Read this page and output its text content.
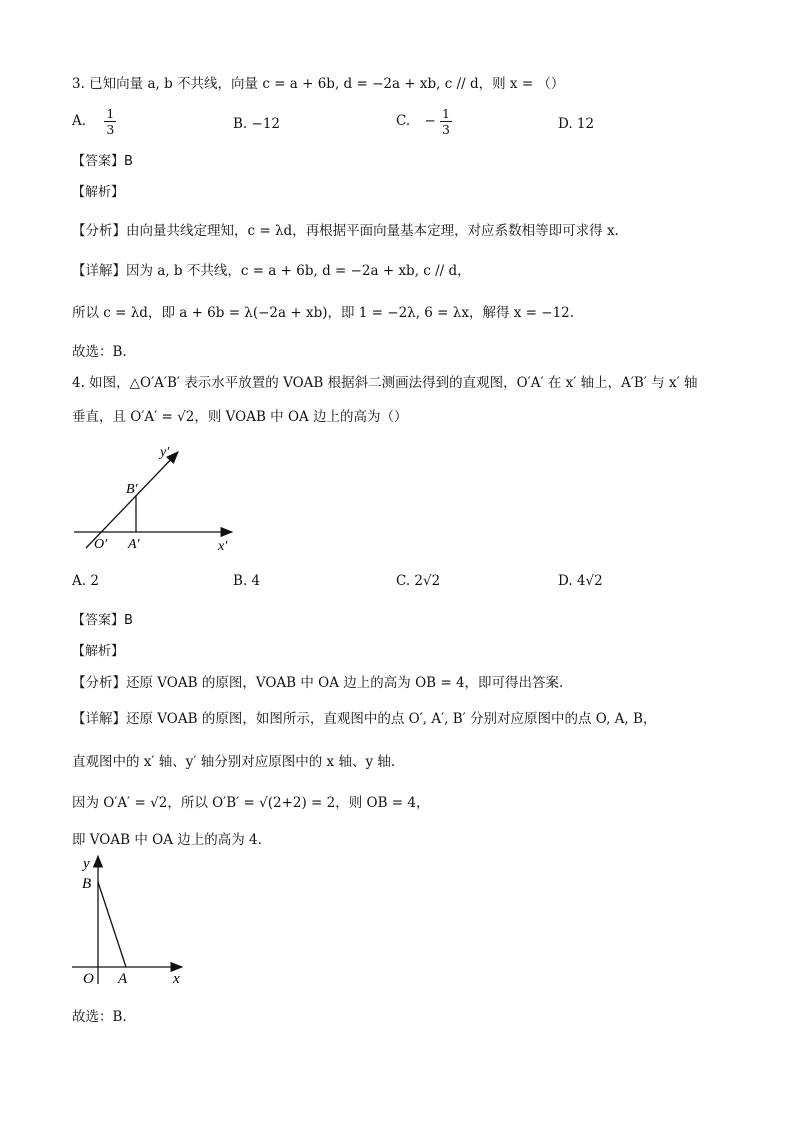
3. 已知向量 a, b 不共线，向量 c = a + 6b, d = −2a + xb, c // d，则 x = （）
A. $\frac{1}{3}$	B. −12	C. − $\frac{1}{3}$	D. 12
【答案】B
【解析】
【分析】由向量共线定理知，c = λd，再根据平面向量基本定理，对应系数相等即可求得 x.
【详解】因为 a, b 不共线，c = a + 6b, d = −2a + xb, c // d，
所以 c = λd，即 a + 6b = λ(−2a + xb)，即 1 = −2λ, 6 = λx，解得 x = −12.
故选：B.
4. 如图，△O′A′B′ 表示水平放置的 VOAB 根据斜二测画法得到的直观图，O′A′ 在 x′ 轴上，A′B′ 与 x′ 轴
垂直，且 O′A′ = √2，则 VOAB 中 OA 边上的高为（）
y′
B′
O′ A′	x′
A. 2	B. 4	C. 2√2	D. 4√2
【答案】B
【解析】
【分析】还原 VOAB 的原图，VOAB 中 OA 边上的高为 OB = 4，即可得出答案.
【详解】还原 VOAB 的原图，如图所示，直观图中的点 O′, A′, B′ 分别对应原图中的点 O, A, B，
直观图中的 x′ 轴、y′ 轴分别对应原图中的 x 轴、y 轴.
因为 O′A′ = √2，所以 O′B′ = √(2+2) = 2，则 OB = 4，
即 VOAB 中 OA 边上的高为 4.
y
B
O A	x
故选：B.
